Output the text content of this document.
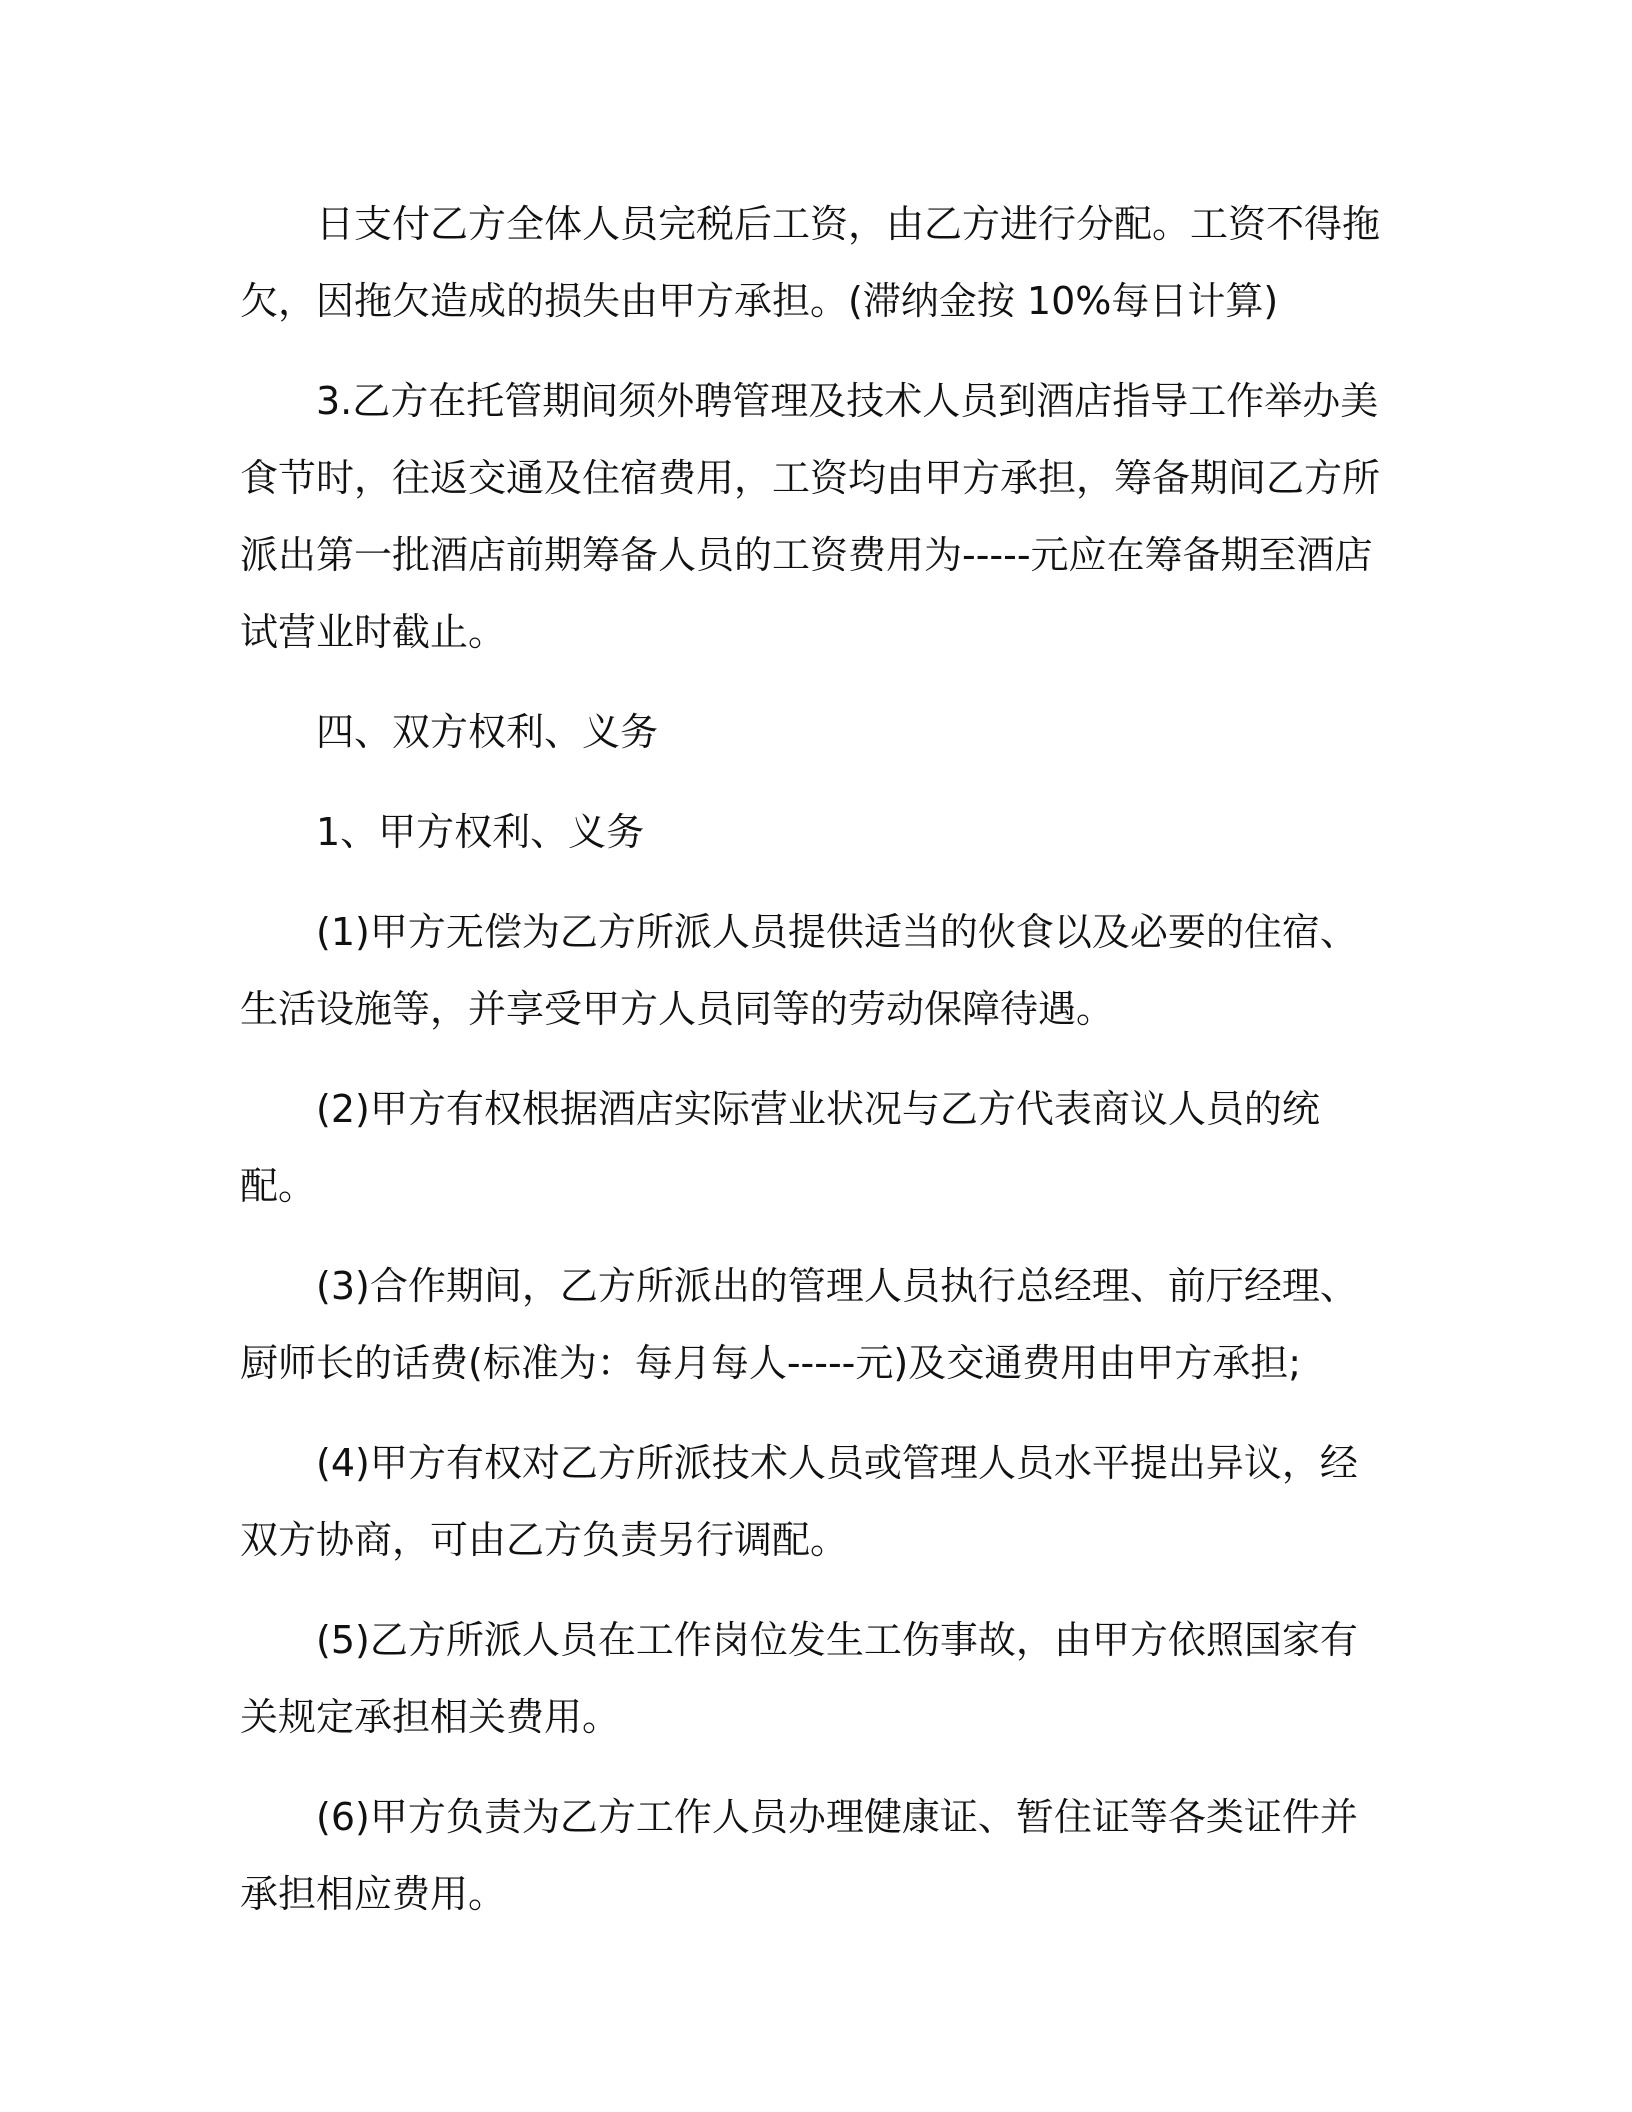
日支付乙方全体人员完税后工资，由乙方进行分配。工资不得拖欠，因拖欠造成的损失由甲方承担。(滞纳金按 10%每日计算)

3.乙方在托管期间须外聘管理及技术人员到酒店指导工作举办美食节时，往返交通及住宿费用，工资均由甲方承担，筹备期间乙方所派出第一批酒店前期筹备人员的工资费用为-----元应在筹备期至酒店试营业时截止。

四、双方权利、义务

1、甲方权利、义务

(1)甲方无偿为乙方所派人员提供适当的伙食以及必要的住宿、生活设施等，并享受甲方人员同等的劳动保障待遇。

(2)甲方有权根据酒店实际营业状况与乙方代表商议人员的统配。

(3)合作期间，乙方所派出的管理人员执行总经理、前厅经理、厨师长的话费(标准为：每月每人-----元)及交通费用由甲方承担;

(4)甲方有权对乙方所派技术人员或管理人员水平提出异议，经双方协商，可由乙方负责另行调配。

(5)乙方所派人员在工作岗位发生工伤事故，由甲方依照国家有关规定承担相关费用。

(6)甲方负责为乙方工作人员办理健康证、暂住证等各类证件并承担相应费用。
